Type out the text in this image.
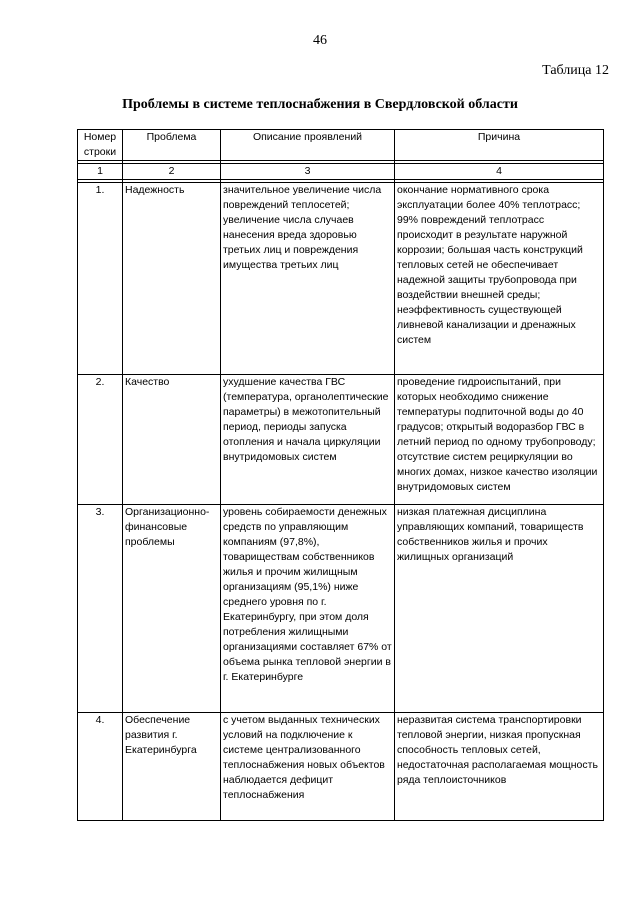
46
Таблица 12
Проблемы в системе теплоснабжения в Свердловской области
Номер строки	Проблема	Описание проявлений	Причина

1	2	3	4

1.	Надежность	значительное увеличение числа повреждений теплосетей; увеличение числа случаев нанесения вреда здоровью третьих лиц и повреждения имущества третьих лиц	окончание нормативного срока эксплуатации более 40% теплотрасс; 99% повреждений теплотрасс происходит в результате наружной коррозии; большая часть конструкций тепловых сетей не обеспечивает надежной защиты трубопровода при воздействии внешней среды; неэффективность существующей ливневой канализации и дренажных систем
2.	Качество	ухудшение качества ГВС (температура, органолептические параметры) в межотопительный период, периоды запуска отопления и начала циркуляции внутридомовых систем	проведение гидроиспытаний, при которых необходимо снижение температуры подпиточной воды до 40 градусов; открытый водоразбор ГВС в летний период по одному трубопроводу; отсутствие систем рециркуляции во многих домах, низкое качество изоляции внутридомовых систем
3.	Организационно-финансовые проблемы	уровень собираемости денежных средств по управляющим компаниям (97,8%), товариществам собственников жилья и прочим жилищным организациям (95,1%) ниже среднего уровня по г. Екатеринбургу, при этом доля потребления жилищными организациями составляет 67% от объема рынка тепловой энергии в г. Екатеринбурге	низкая платежная дисциплина управляющих компаний, товариществ собственников жилья и прочих жилищных организаций
4.	Обеспечение развития г. Екатеринбурга	с учетом выданных технических условий на подключение к системе централизованного теплоснабжения новых объектов наблюдается дефицит теплоснабжения	неразвитая система транспортировки тепловой энергии, низкая пропускная способность тепловых сетей, недостаточная располагаемая мощность ряда теплоисточников
